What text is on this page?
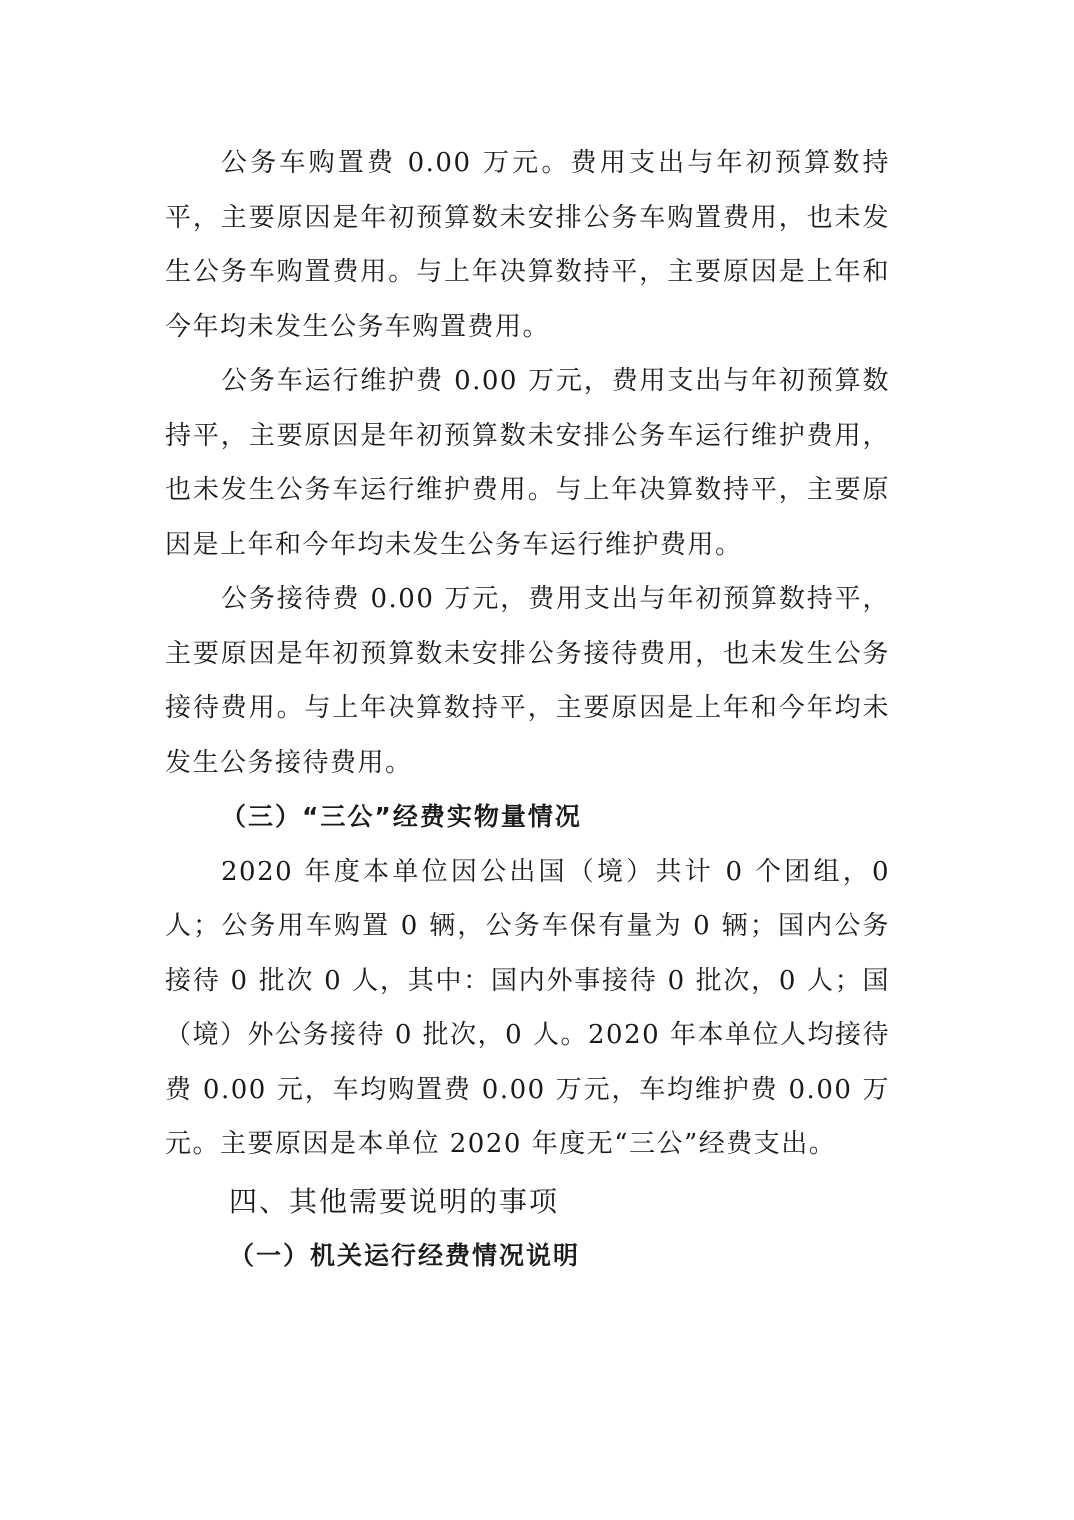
公务车购置费 0.00 万元。费用支出与年初预算数持平，主要原因是年初预算数未安排公务车购置费用，也未发生公务车购置费用。与上年决算数持平，主要原因是上年和今年均未发生公务车购置费用。

公务车运行维护费 0.00 万元，费用支出与年初预算数持平，主要原因是年初预算数未安排公务车运行维护费用，也未发生公务车运行维护费用。与上年决算数持平，主要原因是上年和今年均未发生公务车运行维护费用。

公务接待费 0.00 万元，费用支出与年初预算数持平，主要原因是年初预算数未安排公务接待费用，也未发生公务接待费用。与上年决算数持平，主要原因是上年和今年均未发生公务接待费用。

（三）“三公”经费实物量情况

2020 年度本单位因公出国（境）共计 0 个团组，0 人；公务用车购置 0 辆，公务车保有量为 0 辆；国内公务接待 0 批次 0 人，其中：国内外事接待 0 批次，0 人；国（境）外公务接待 0 批次，0 人。2020 年本单位人均接待费 0.00 元，车均购置费 0.00 万元，车均维护费 0.00 万元。主要原因是本单位 2020 年度无“三公”经费支出。

四、其他需要说明的事项

（一）机关运行经费情况说明
